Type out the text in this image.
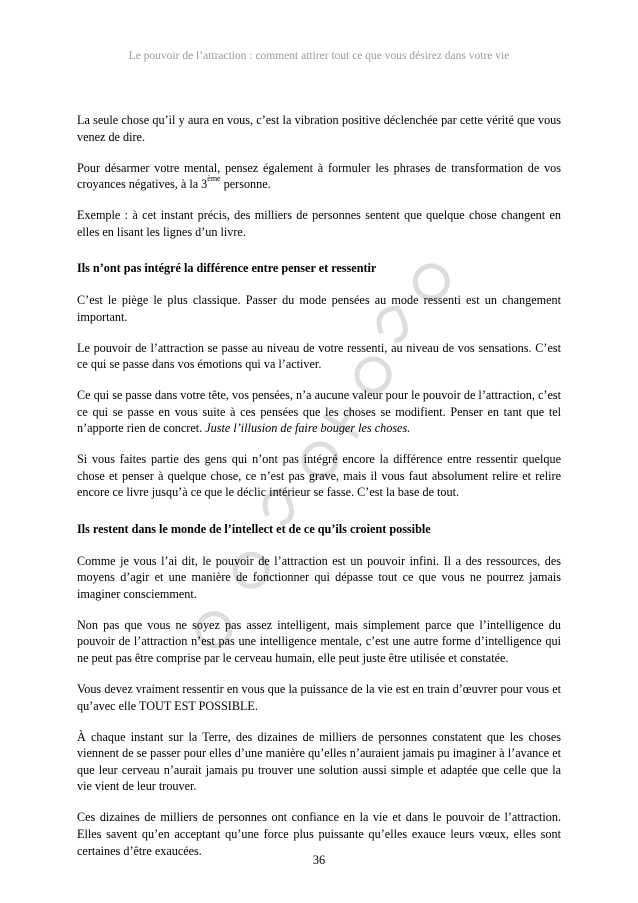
Le pouvoir de l’attraction : comment attirer tout ce que vous désirez dans votre vie

La seule chose qu’il y aura en vous, c’est la vibration positive déclenchée par cette vérité que vous venez de dire.

Pour désarmer votre mental, pensez également à formuler les phrases de transformation de vos croyances négatives, à la 3ème personne.

Exemple : à cet instant précis, des milliers de personnes sentent que quelque chose changent en elles en lisant les lignes d’un livre.

Ils n’ont pas intégré la différence entre penser et ressentir

C’est le piège le plus classique. Passer du mode pensées au mode ressenti est un changement important.

Le pouvoir de l’attraction se passe au niveau de votre ressenti, au niveau de vos sensations. C’est ce qui se passe dans vos émotions qui va l’activer.

Ce qui se passe dans votre tête, vos pensées, n’a aucune valeur pour le pouvoir de l’attraction, c’est ce qui se passe en vous suite à ces pensées que les choses se modifient. Penser en tant que tel n’apporte rien de concret. Juste l’illusion de faire bouger les choses.

Si vous faites partie des gens qui n’ont pas intégré encore la différence entre ressentir quelque chose et penser à quelque chose, ce n’est pas grave, mais il vous faut absolument relire et relire encore ce livre jusqu’à ce que le déclic intérieur se fasse. C’est la base de tout.

Ils restent dans le monde de l’intellect et de ce qu’ils croient possible

Comme je vous l’ai dit, le pouvoir de l’attraction est un pouvoir infini. Il a des ressources, des moyens d’agir et une manière de fonctionner qui dépasse tout ce que vous ne pourrez jamais imaginer consciemment.

Non pas que vous ne soyez pas assez intelligent, mais simplement parce que l’intelligence du pouvoir de l’attraction n’est pas une intelligence mentale, c’est une autre forme d’intelligence qui ne peut pas être comprise par le cerveau humain, elle peut juste être utilisée et constatée.

Vous devez vraiment ressentir en vous que la puissance de la vie est en train d’œuvrer pour vous et qu’avec elle TOUT EST POSSIBLE.

À chaque instant sur la Terre, des dizaines de milliers de personnes constatent que les choses viennent de se passer pour elles d’une manière qu’elles n’auraient jamais pu imaginer à l’avance et que leur cerveau n’aurait jamais pu trouver une solution aussi simple et adaptée que celle que la vie vient de leur trouver.

Ces dizaines de milliers de personnes ont confiance en la vie et dans le pouvoir de l’attraction. Elles savent qu’en acceptant qu’une force plus puissante qu’elles exauce leurs vœux, elles sont certaines d’être exaucées.

36
